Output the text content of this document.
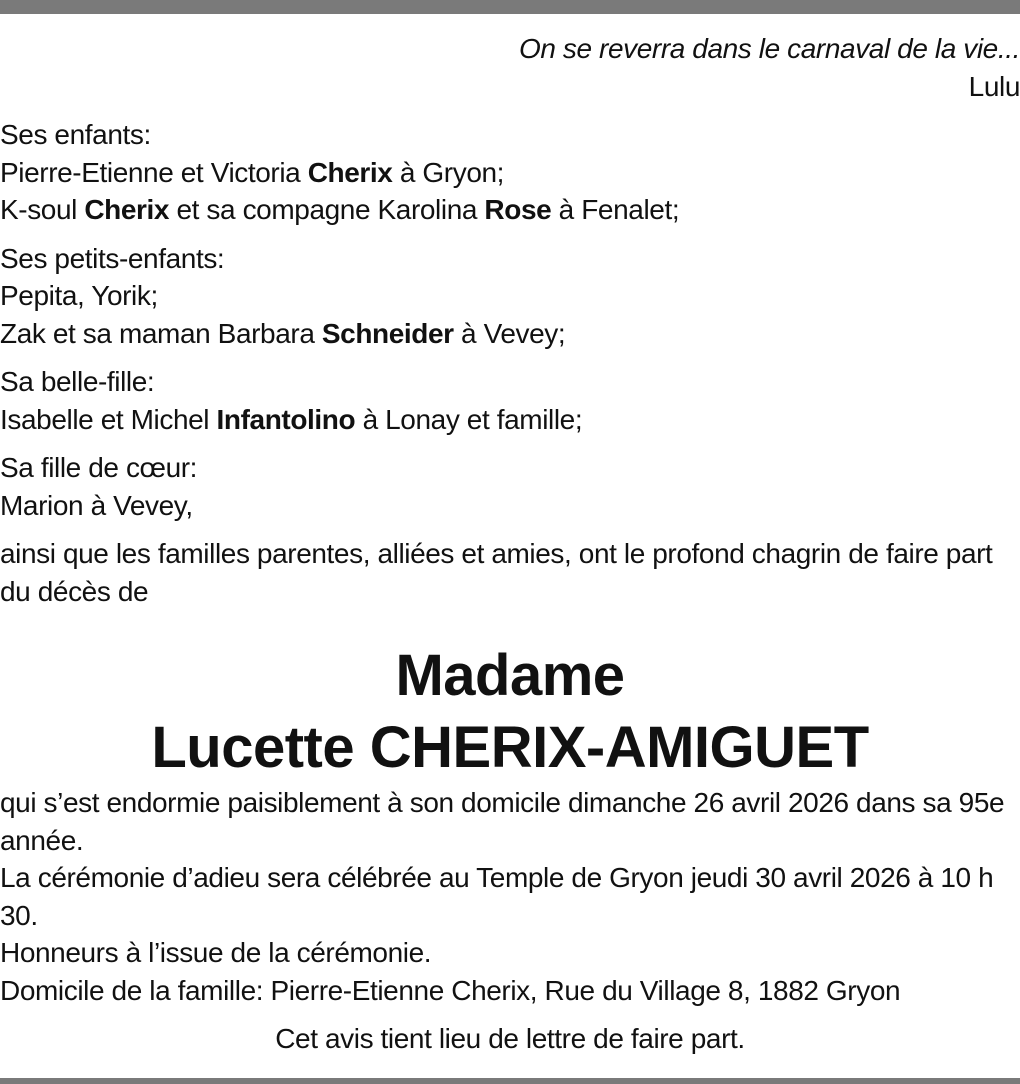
On se reverra dans le carnaval de la vie...
Lulu
Ses enfants:
Pierre-Etienne et Victoria Cherix à Gryon;
K-soul Cherix et sa compagne Karolina Rose à Fenalet;
Ses petits-enfants:
Pepita, Yorik;
Zak et sa maman Barbara Schneider à Vevey;
Sa belle-fille:
Isabelle et Michel Infantolino à Lonay et famille;
Sa fille de cœur:
Marion à Vevey,
ainsi que les familles parentes, alliées et amies, ont le profond chagrin de faire part du décès de
Madame
Lucette CHERIX-AMIGUET
qui s’est endormie paisiblement à son domicile dimanche 26 avril 2026 dans sa 95e année.
La cérémonie d’adieu sera célébrée au Temple de Gryon jeudi 30 avril 2026 à 10 h 30.
Honneurs à l’issue de la cérémonie.
Domicile de la famille: Pierre-Etienne Cherix, Rue du Village 8, 1882 Gryon
Cet avis tient lieu de lettre de faire part.
